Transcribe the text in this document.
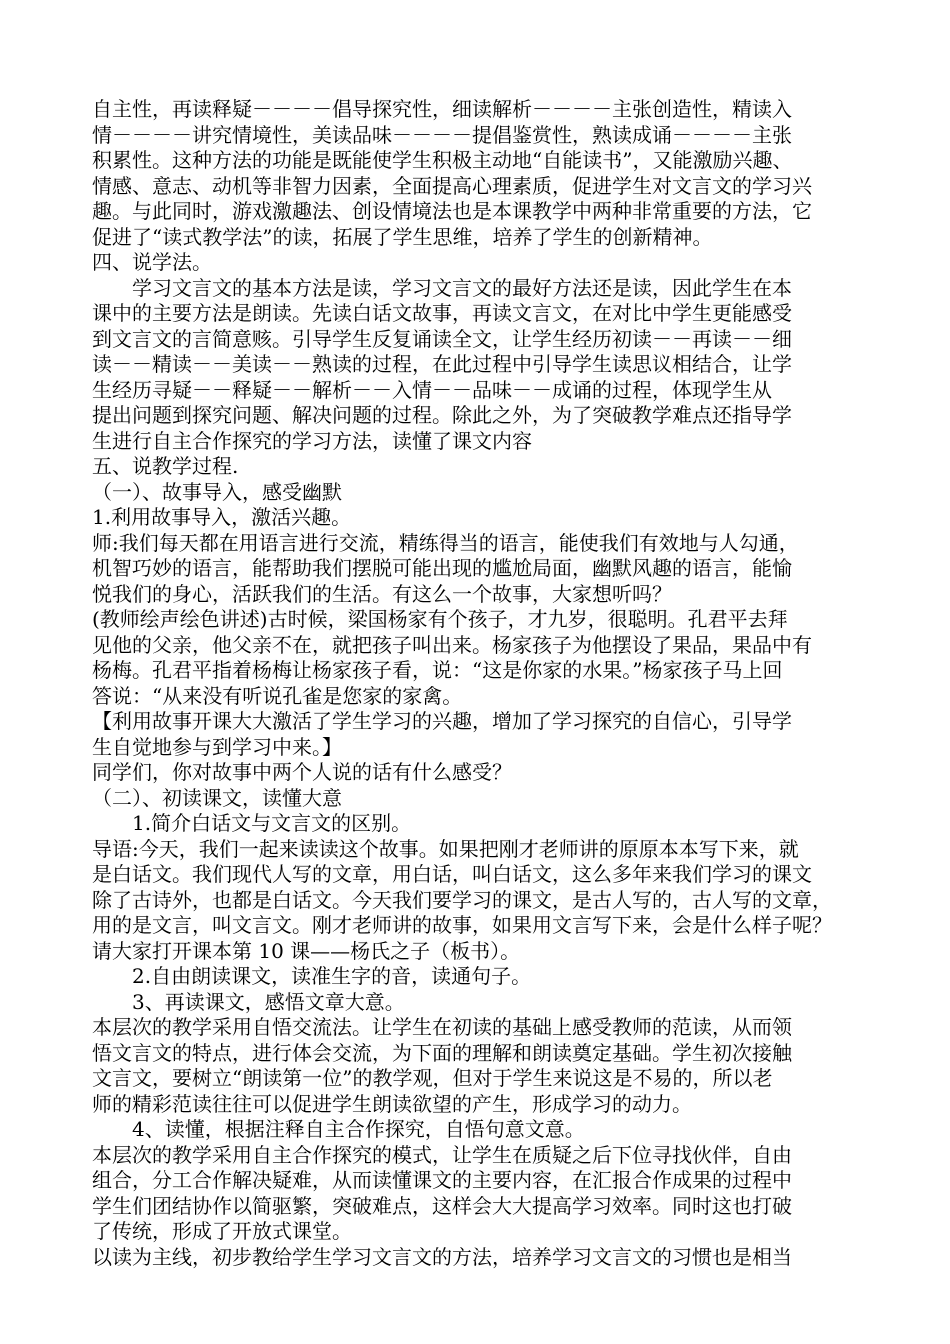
自主性，再读释疑－－－－倡导探究性，细读解析－－－－主张创造性，精读入
情－－－－讲究情境性，美读品味－－－－提倡鉴赏性，熟读成诵－－－－主张
积累性。这种方法的功能是既能使学生积极主动地“自能读书”，又能激励兴趣、
情感、意志、动机等非智力因素，全面提高心理素质，促进学生对文言文的学习兴
趣。与此同时，游戏激趣法、创设情境法也是本课教学中两种非常重要的方法，它
促进了“读式教学法”的读，拓展了学生思维，培养了学生的创新精神。
四、说学法。
学习文言文的基本方法是读，学习文言文的最好方法还是读，因此学生在本
课中的主要方法是朗读。先读白话文故事，再读文言文，在对比中学生更能感受
到文言文的言简意赅。引导学生反复诵读全文，让学生经历初读－－再读－－细
读－－精读－－美读－－熟读的过程，在此过程中引导学生读思议相结合，让学
生经历寻疑－－释疑－－解析－－入情－－品味－－成诵的过程，体现学生从
提出问题到探究问题、解决问题的过程。除此之外，为了突破教学难点还指导学
生进行自主合作探究的学习方法，读懂了课文内容
五、说教学过程.
（一）、故事导入，感受幽默
1.利用故事导入，激活兴趣。
师:我们每天都在用语言进行交流，精练得当的语言，能使我们有效地与人勾通，
机智巧妙的语言，能帮助我们摆脱可能出现的尴尬局面，幽默风趣的语言，能愉
悦我们的身心，活跃我们的生活。有这么一个故事，大家想听吗？
(教师绘声绘色讲述)古时候，梁国杨家有个孩子，才九岁，很聪明。孔君平去拜
见他的父亲，他父亲不在，就把孩子叫出来。杨家孩子为他摆设了果品，果品中有
杨梅。孔君平指着杨梅让杨家孩子看，说：“这是你家的水果。”杨家孩子马上回
答说：“从来没有听说孔雀是您家的家禽。
【利用故事开课大大激活了学生学习的兴趣，增加了学习探究的自信心，引导学
生自觉地参与到学习中来。】
同学们，你对故事中两个人说的话有什么感受？
（二）、初读课文，读懂大意
1.简介白话文与文言文的区别。
导语:今天，我们一起来读读这个故事。如果把刚才老师讲的原原本本写下来，就
是白话文。我们现代人写的文章，用白话，叫白话文，这么多年来我们学习的课文
除了古诗外，也都是白话文。今天我们要学习的课文，是古人写的，古人写的文章，
用的是文言，叫文言文。刚才老师讲的故事，如果用文言写下来，会是什么样子呢？
请大家打开课本第 10 课——杨氏之子（板书）。
2.自由朗读课文，读准生字的音，读通句子。
3、再读课文，感悟文章大意。
本层次的教学采用自悟交流法。让学生在初读的基础上感受教师的范读，从而领
悟文言文的特点，进行体会交流，为下面的理解和朗读奠定基础。学生初次接触
文言文，要树立“朗读第一位”的教学观，但对于学生来说这是不易的，所以老
师的精彩范读往往可以促进学生朗读欲望的产生，形成学习的动力。
4、读懂，根据注释自主合作探究，自悟句意文意。
本层次的教学采用自主合作探究的模式，让学生在质疑之后下位寻找伙伴，自由
组合，分工合作解决疑难，从而读懂课文的主要内容，在汇报合作成果的过程中
学生们团结协作以简驱繁，突破难点，这样会大大提高学习效率。同时这也打破
了传统，形成了开放式课堂。
以读为主线，初步教给学生学习文言文的方法，培养学习文言文的习惯也是相当
